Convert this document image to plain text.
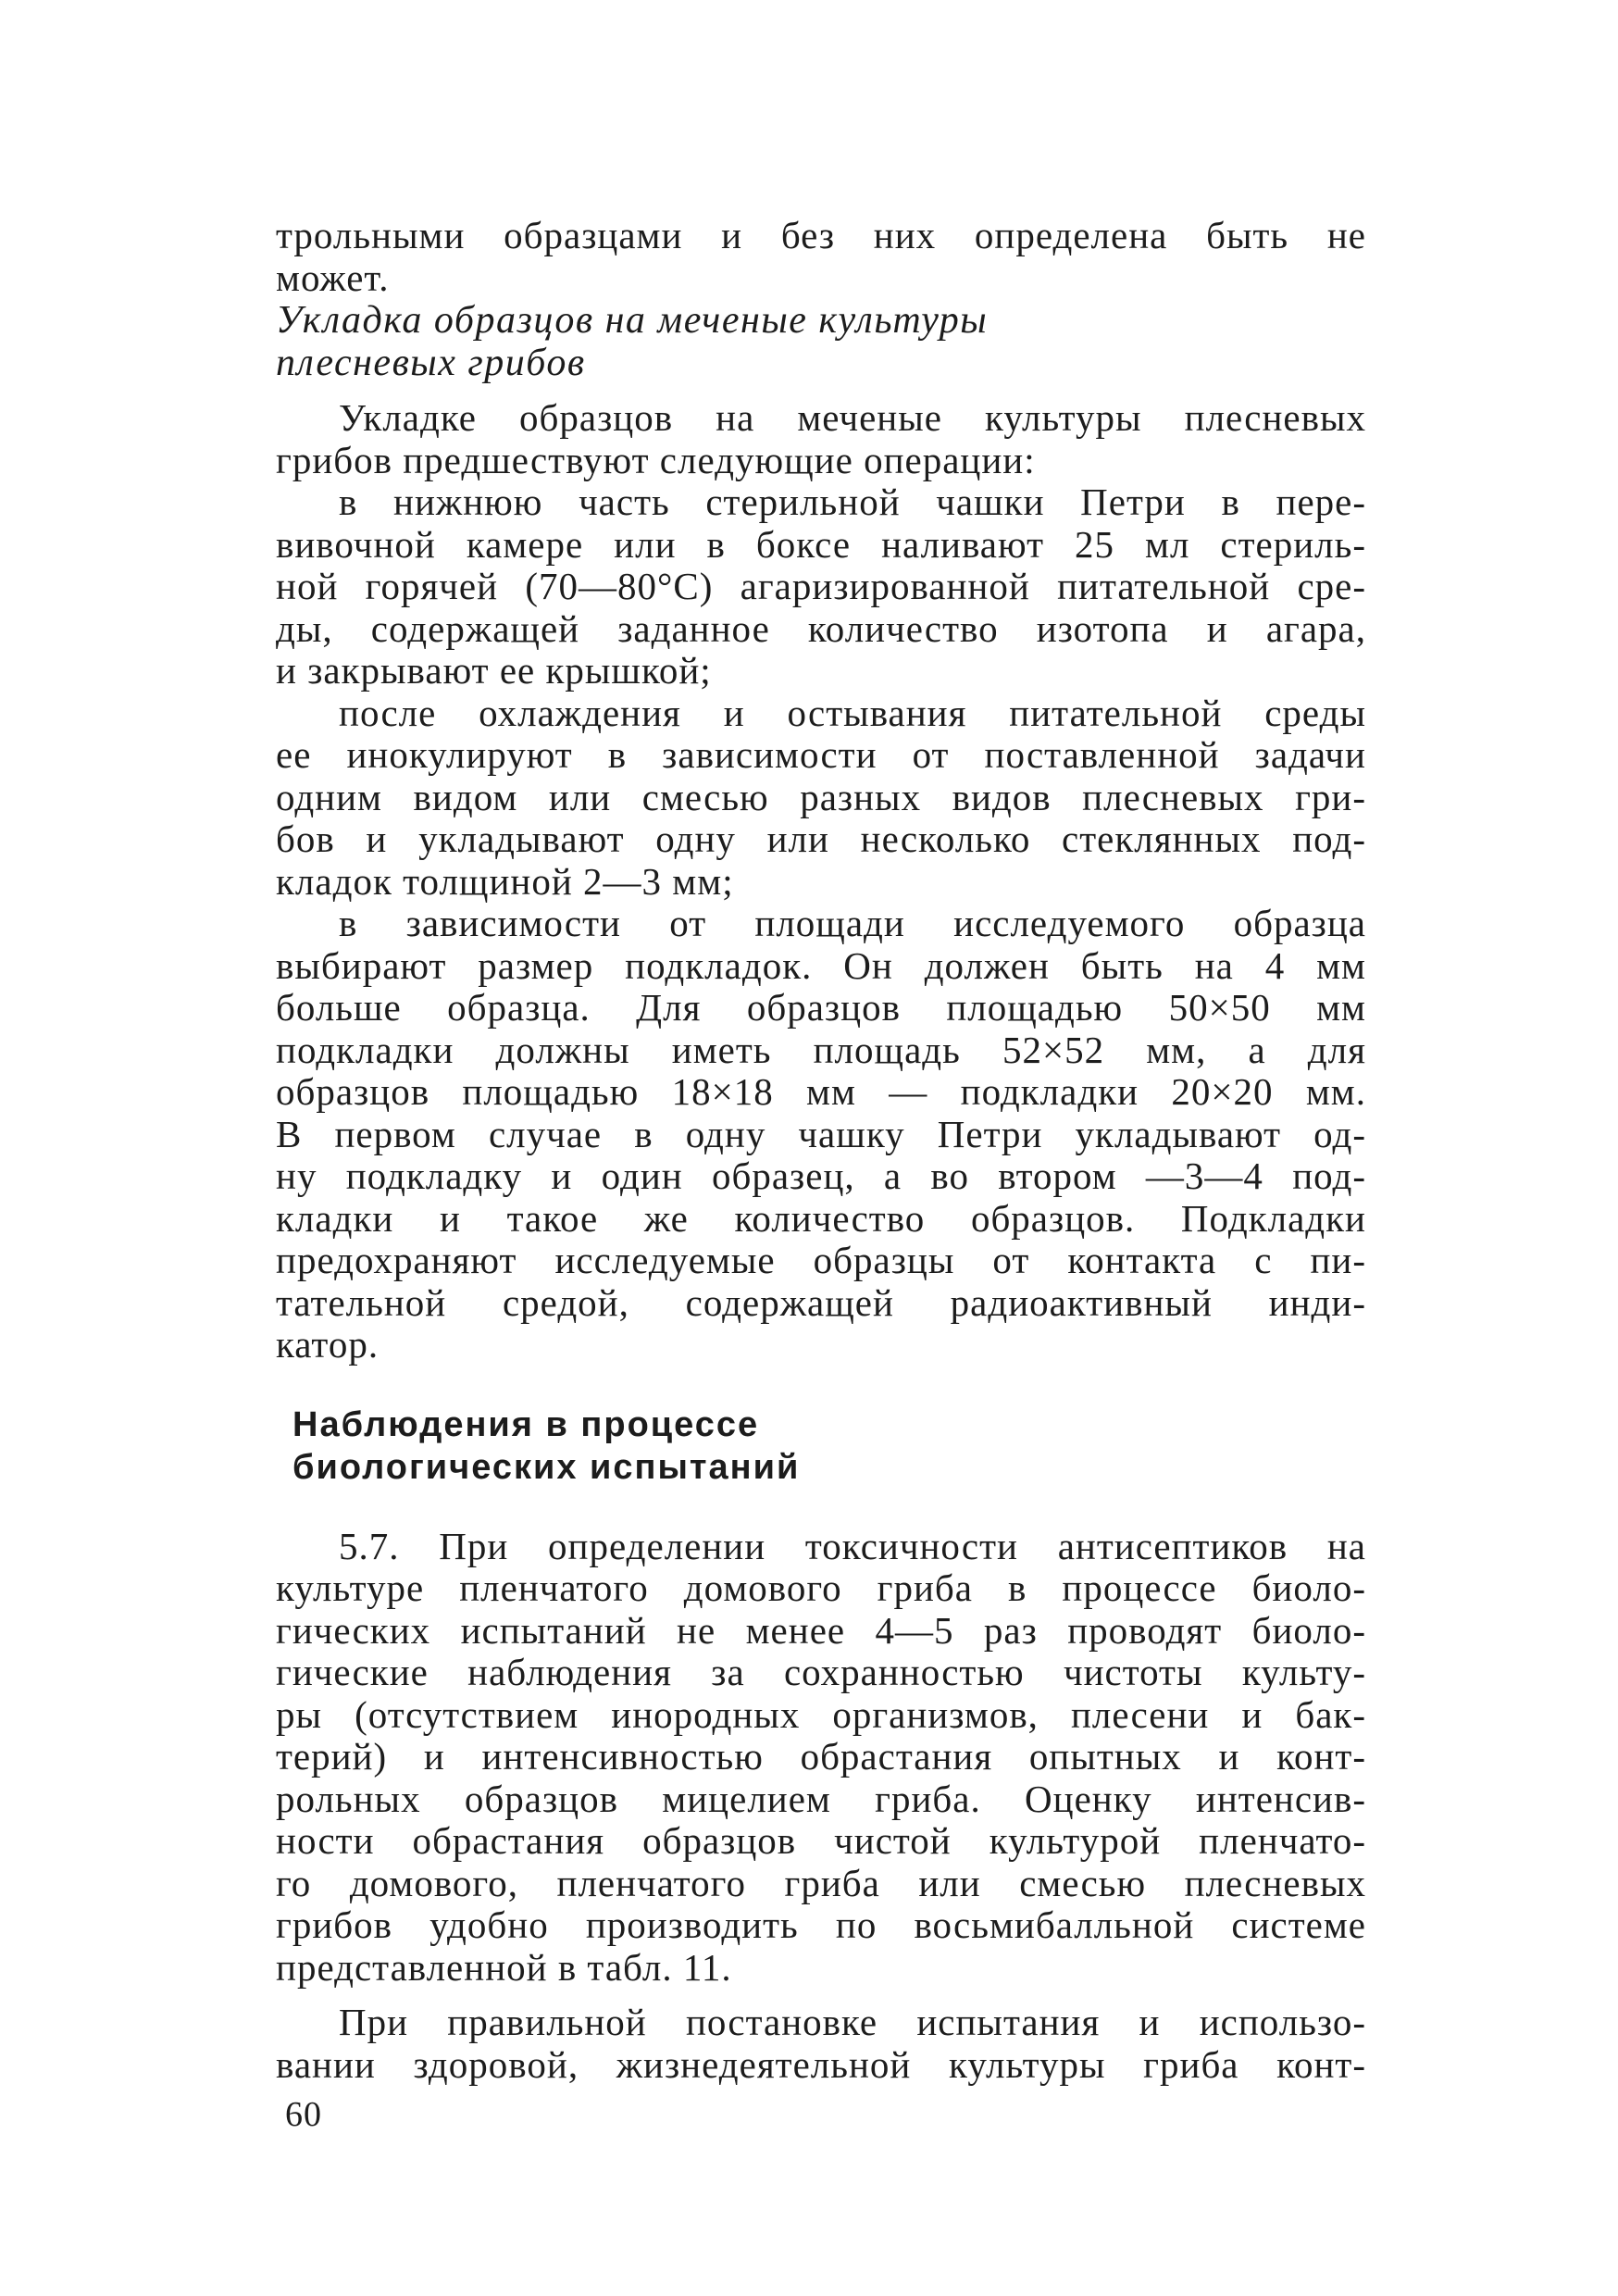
трольными образцами и без них определена быть не
может.
Укладка образцов на меченые культуры
плесневых грибов
Укладке образцов на меченые культуры плесневых
грибов предшествуют следующие операции:
в нижнюю часть стерильной чашки Петри в пере-
вивочной камере или в боксе наливают 25 мл стериль-
ной горячей (70—80°С) агаризированной питательной сре-
ды, содержащей заданное количество изотопа и агара,
и закрывают ее крышкой;
после охлаждения и остывания питательной среды
ее инокулируют в зависимости от поставленной задачи
одним видом или смесью разных видов плесневых гри-
бов и укладывают одну или несколько стеклянных под-
кладок толщиной 2—3 мм;
в зависимости от площади исследуемого образца
выбирают размер подкладок. Он должен быть на 4 мм
больше образца. Для образцов площадью 50×50 мм
подкладки должны иметь площадь 52×52 мм, а для
образцов площадью 18×18 мм — подкладки 20×20 мм.
В первом случае в одну чашку Петри укладывают од-
ну подкладку и один образец, а во втором —3—4 под-
кладки и такое же количество образцов. Подкладки
предохраняют исследуемые образцы от контакта с пи-
тательной средой, содержащей радиоактивный инди-
катор.
Наблюдения в процессе
биологических испытаний
5.7. При определении токсичности антисептиков на
культуре пленчатого домового гриба в процессе биоло-
гических испытаний не менее 4—5 раз проводят биоло-
гические наблюдения за сохранностью чистоты культу-
ры (отсутствием инородных организмов, плесени и бак-
терий) и интенсивностью обрастания опытных и конт-
рольных образцов мицелием гриба. Оценку интенсив-
ности обрастания образцов чистой культурой пленчато-
го домового, пленчатого гриба или смесью плесневых
грибов удобно производить по восьмибалльной системе
представленной в табл. 11.
При правильной постановке испытания и использо-
вании здоровой, жизнедеятельной культуры гриба конт-
60
